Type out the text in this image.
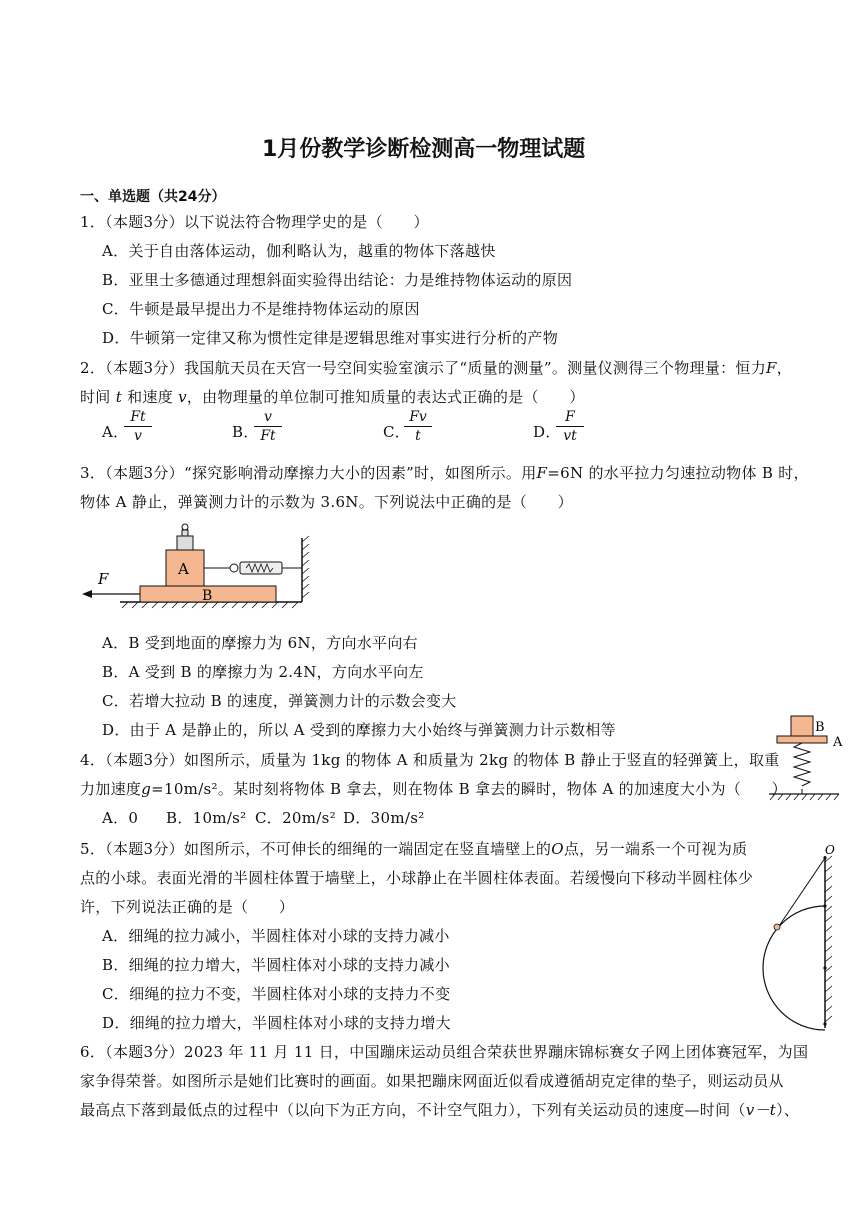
1月份教学诊断检测高一物理试题
一、单选题（共24分）
1．（本题3分）以下说法符合物理学史的是（　　）
A．关于自由落体运动，伽利略认为，越重的物体下落越快
B．亚里士多德通过理想斜面实验得出结论：力是维持物体运动的原因
C．牛顿是最早提出力不是维持物体运动的原因
D．牛顿第一定律又称为惯性定律是逻辑思维对事实进行分析的产物
2．（本题3分）我国航天员在天宫一号空间实验室演示了“质量的测量”。测量仪测得三个物理量：恒力F，
时间 t 和速度 v，由物理量的单位制可推知质量的表达式正确的是（　　）
A．
Ft
v	B．
v
Ft	C．
Fv
t	D．
F
vt
3．（本题3分）“探究影响滑动摩擦力大小的因素”时，如图所示。用F=6N 的水平拉力匀速拉动物体 B 时，
物体 A 静止，弹簧测力计的示数为 3.6N。下列说法中正确的是（　　）
F
A
B
A．B 受到地面的摩擦力为 6N，方向水平向右
B．A 受到 B 的摩擦力为 2.4N，方向水平向左
C．若增大拉动 B 的速度，弹簧测力计的示数会变大
D．由于 A 是静止的，所以 A 受到的摩擦力大小始终与弹簧测力计示数相等
4．（本题3分）如图所示，质量为 1kg 的物体 A 和质量为 2kg 的物体 B 静止于竖直的轻弹簧上，取重
力加速度g=10m/s²。某时刻将物体 B 拿去，则在物体 B 拿去的瞬时，物体 A 的加速度大小为（　　）
A．0 B．10m/s² C．20m/s² D．30m/s²
B
A
5．（本题3分）如图所示，不可伸长的细绳的一端固定在竖直墙壁上的O点，另一端系一个可视为质
点的小球。表面光滑的半圆柱体置于墙壁上，小球静止在半圆柱体表面。若缓慢向下移动半圆柱体少
许，下列说法正确的是（　　）
A．细绳的拉力减小，半圆柱体对小球的支持力减小
B．细绳的拉力增大，半圆柱体对小球的支持力减小
C．细绳的拉力不变，半圆柱体对小球的支持力不变
D．细绳的拉力增大，半圆柱体对小球的支持力增大
O
6．（本题3分）2023 年 11 月 11 日，中国蹦床运动员组合荣获世界蹦床锦标赛女子网上团体赛冠军，为国
家争得荣誉。如图所示是她们比赛时的画面。如果把蹦床网面近似看成遵循胡克定律的垫子，则运动员从
最高点下落到最低点的过程中（以向下为正方向，不计空气阻力），下列有关运动员的速度—时间（v－t）、
